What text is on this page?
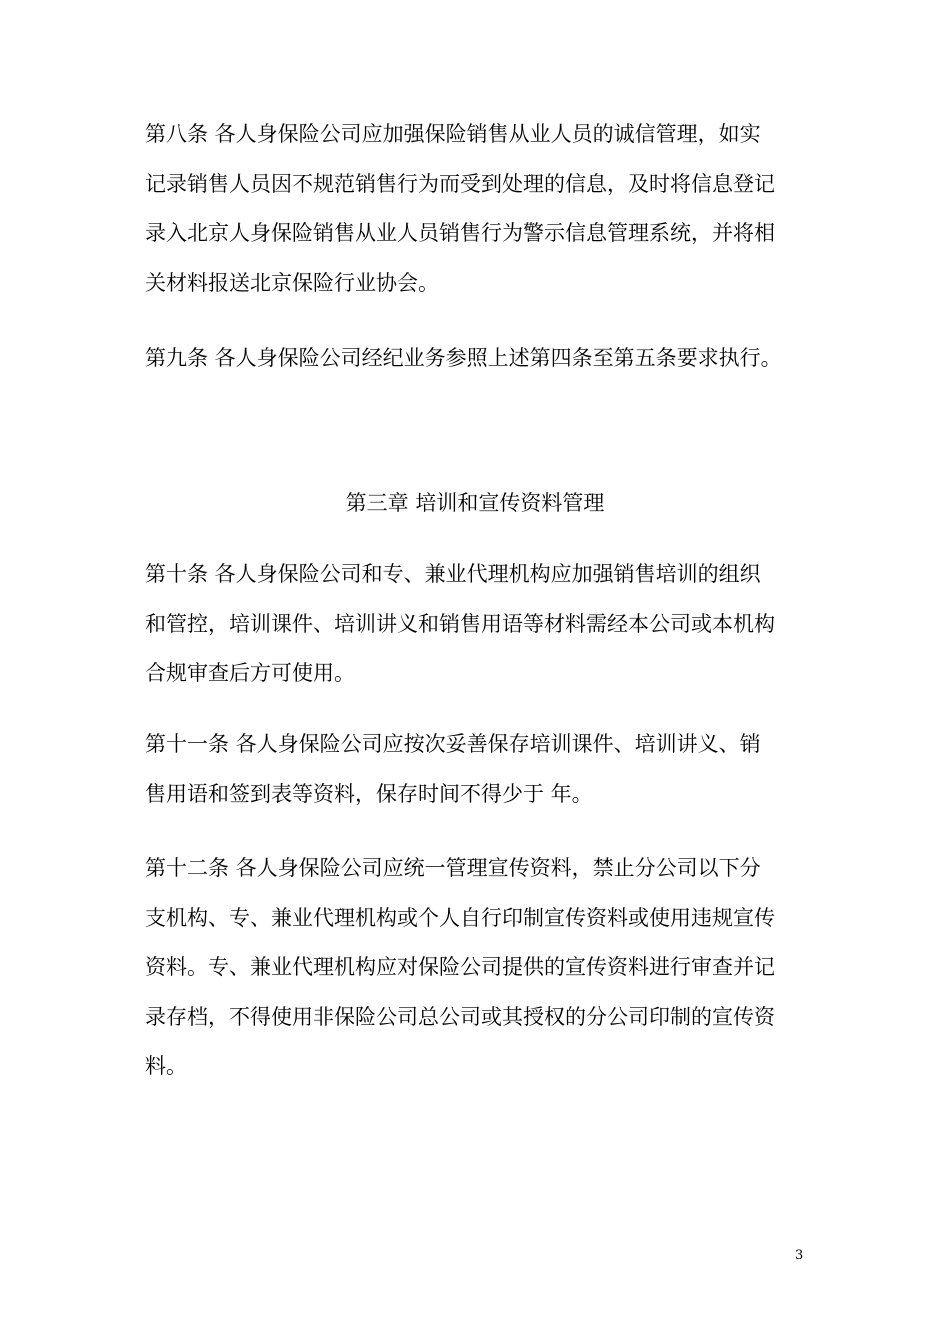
第八条 各人身保险公司应加强保险销售从业人员的诚信管理，如实
记录销售人员因不规范销售行为而受到处理的信息，及时将信息登记
录入北京人身保险销售从业人员销售行为警示信息管理系统，并将相
关材料报送北京保险行业协会。
第九条 各人身保险公司经纪业务参照上述第四条至第五条要求执行。
第三章 培训和宣传资料管理
第十条 各人身保险公司和专、兼业代理机构应加强销售培训的组织
和管控，培训课件、培训讲义和销售用语等材料需经本公司或本机构
合规审查后方可使用。
第十一条 各人身保险公司应按次妥善保存培训课件、培训讲义、销
售用语和签到表等资料，保存时间不得少于 年。
第十二条 各人身保险公司应统一管理宣传资料，禁止分公司以下分
支机构、专、兼业代理机构或个人自行印制宣传资料或使用违规宣传
资料。专、兼业代理机构应对保险公司提供的宣传资料进行审查并记
录存档，不得使用非保险公司总公司或其授权的分公司印制的宣传资
料。
3
